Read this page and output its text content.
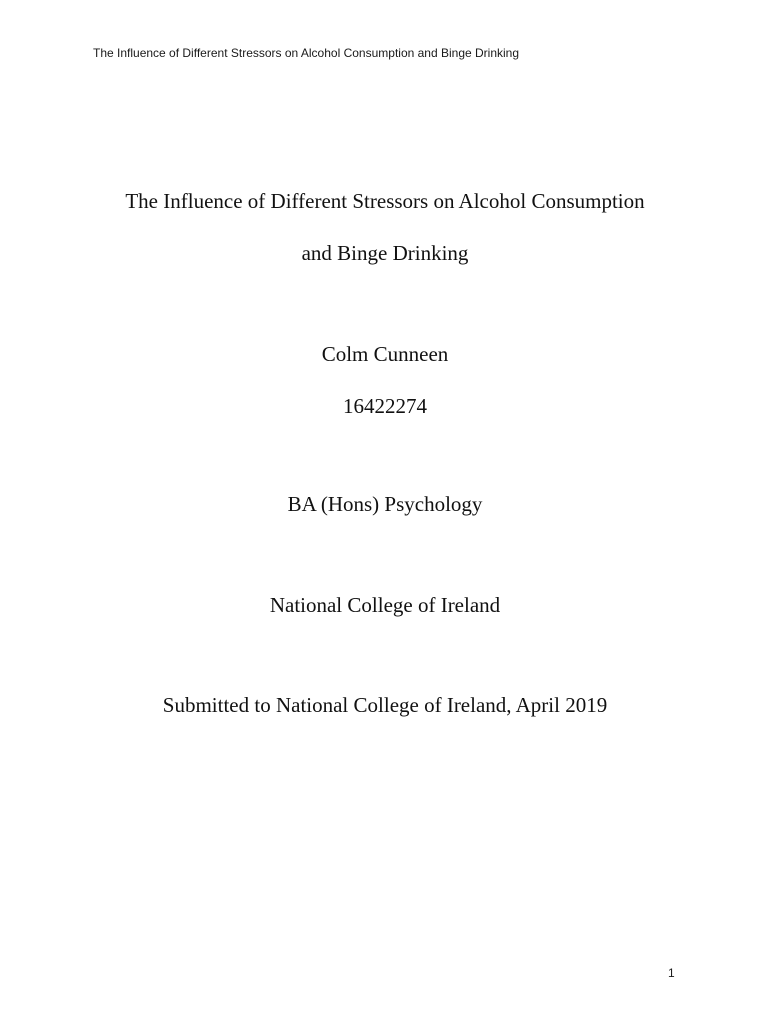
The Influence of Different Stressors on Alcohol Consumption and Binge Drinking
The Influence of Different Stressors on Alcohol Consumption
and Binge Drinking
Colm Cunneen
16422274
BA (Hons) Psychology
National College of Ireland
Submitted to National College of Ireland, April 2019
1
